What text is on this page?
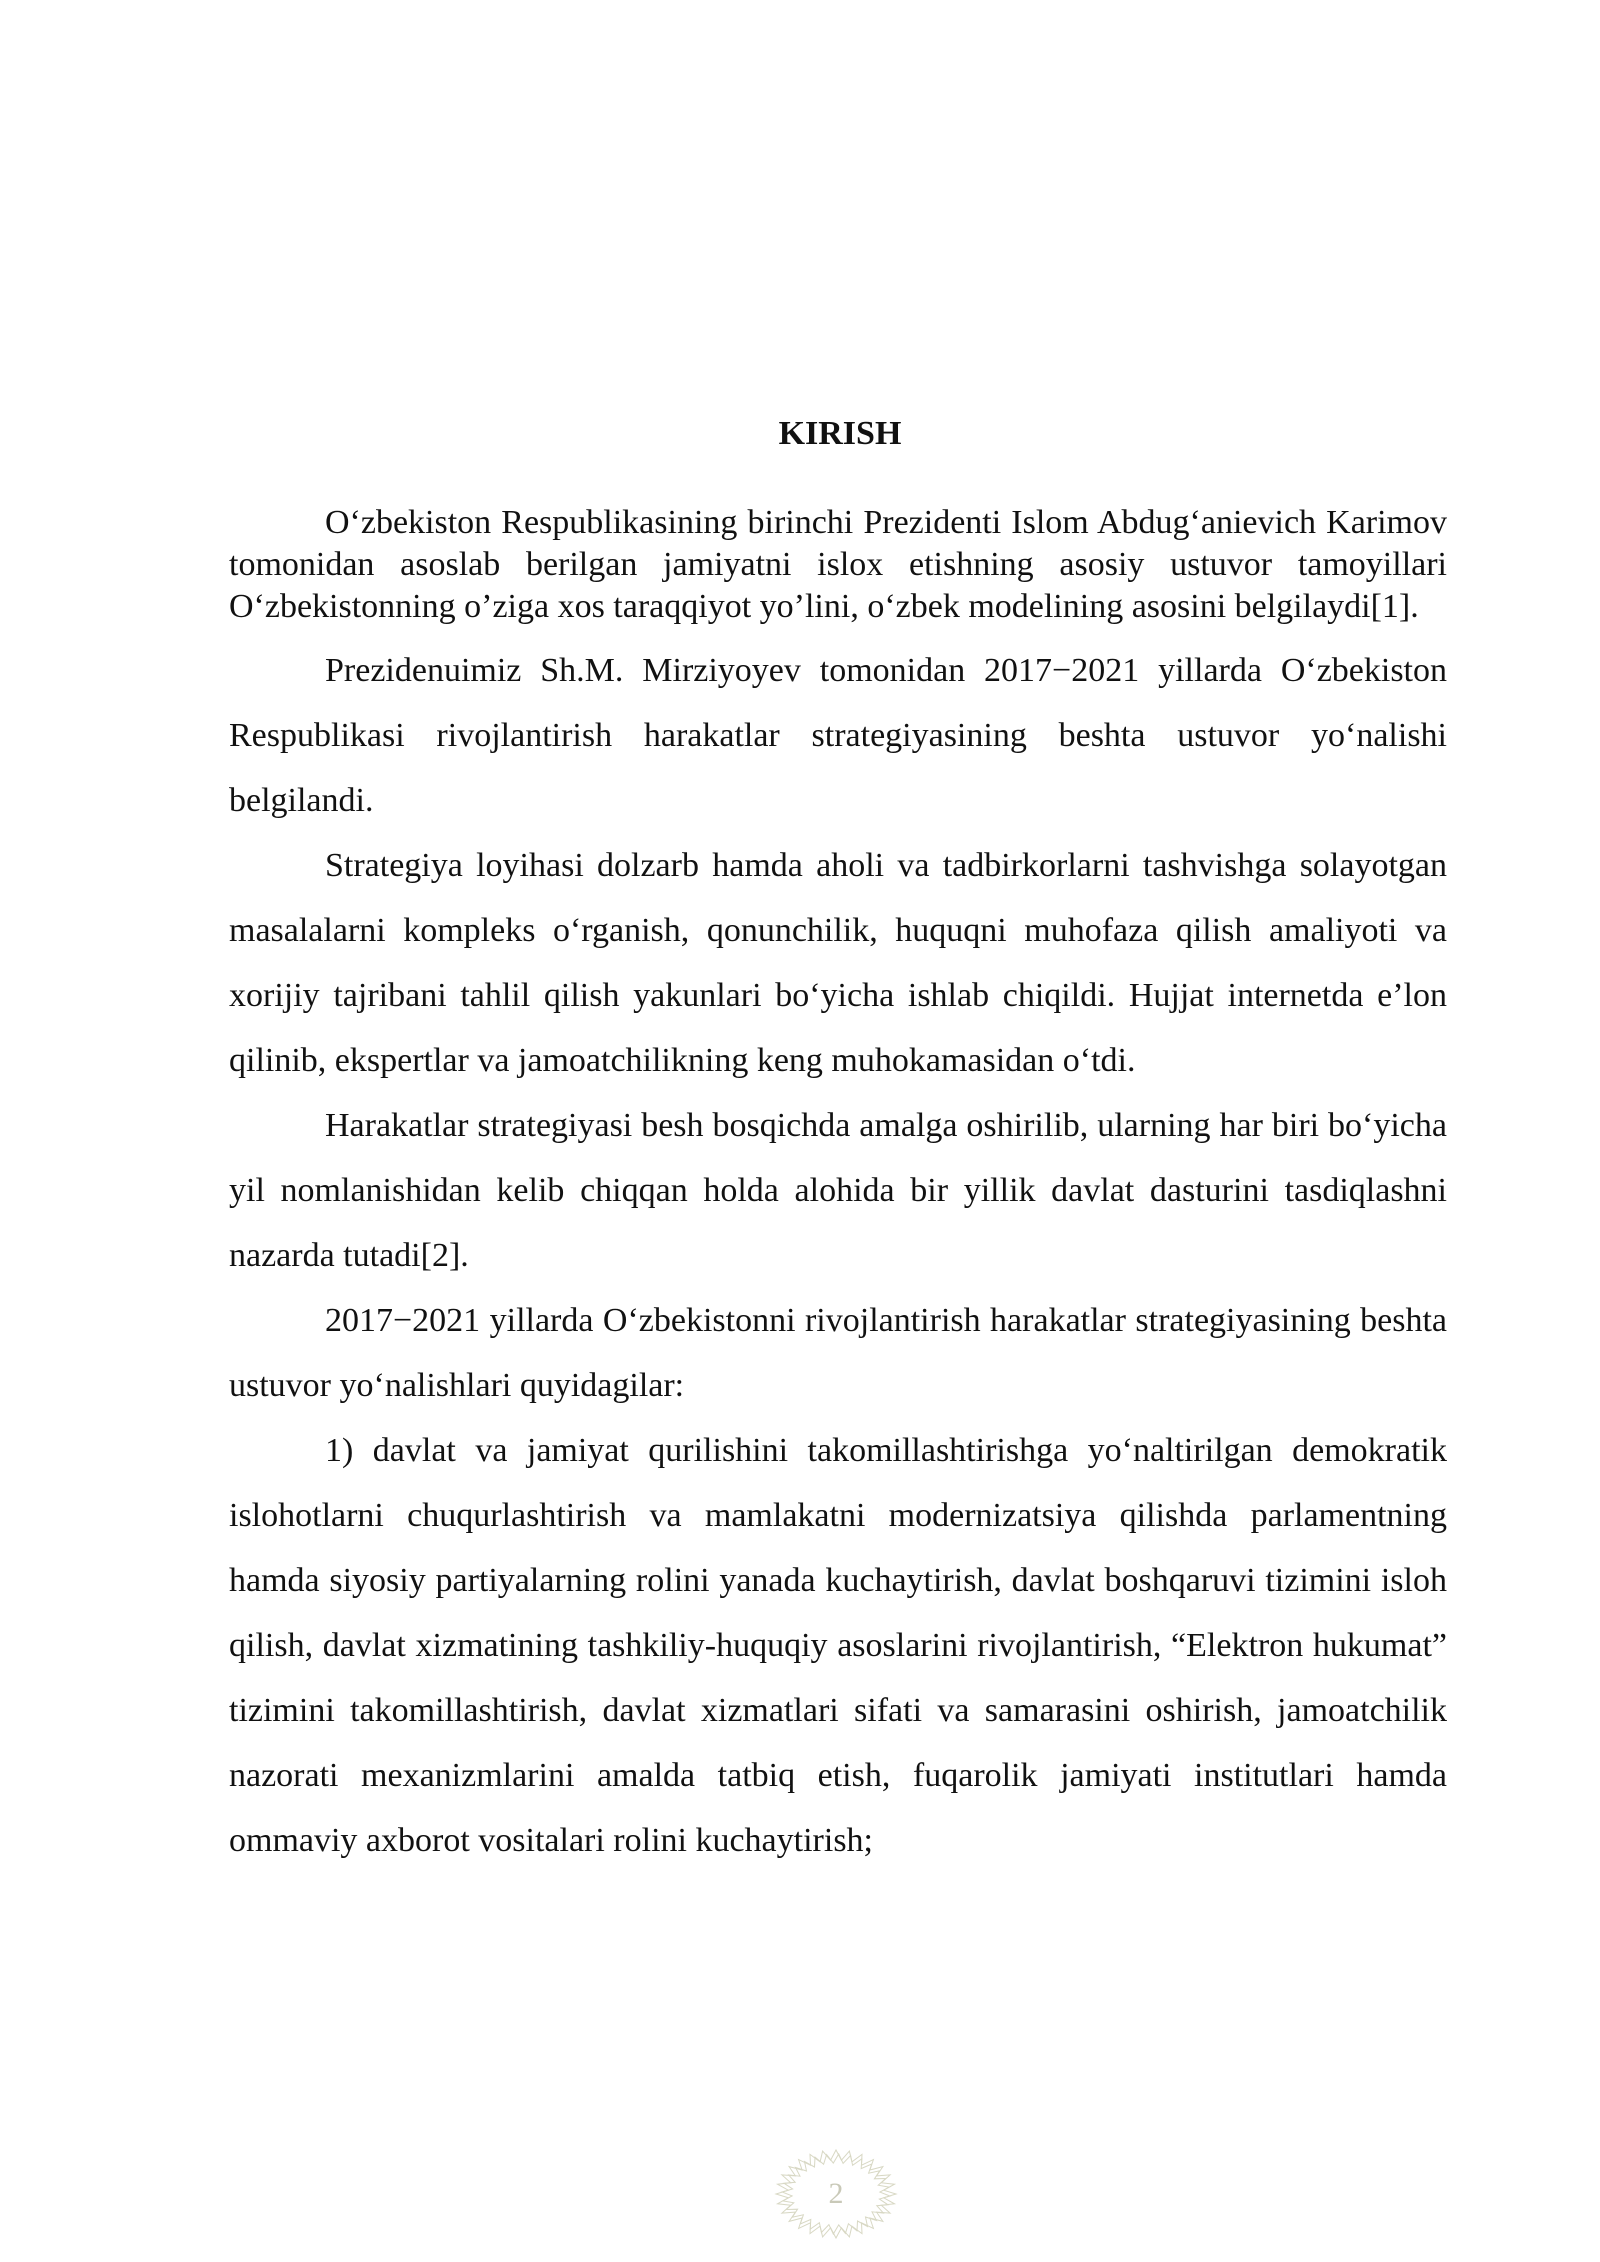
KIRISH

O‘zbekiston Respublikasining birinchi Prezidenti Islom Abdug‘anievich Karimov tomonidan asoslab berilgan jamiyatni islox etishning asosiy ustuvor tamoyillari O‘zbekistonning o’ziga xos taraqqiyot yo’lini, o‘zbek modelining asosini belgilaydi[1].

Prezidenuimiz Sh.M. Mirziyoyev tomonidan 2017−2021 yillarda O‘zbekiston Respublikasi rivojlantirish harakatlar strategiyasining beshta ustuvor yo‘nalishi belgilandi.

Strategiya loyihasi dolzarb hamda aholi va tadbirkorlarni tashvishga solayotgan masalalarni kompleks o‘rganish, qonunchilik, huquqni muhofaza qilish amaliyoti va xorijiy tajribani tahlil qilish yakunlari bo‘yicha ishlab chiqildi. Hujjat internetda e’lon qilinib, ekspertlar va jamoatchilikning keng muhokamasidan o‘tdi.

Harakatlar strategiyasi besh bosqichda amalga oshirilib, ularning har biri bo‘yicha yil nomlanishidan kelib chiqqan holda alohida bir yillik davlat dasturini tasdiqlashni nazarda tutadi[2].

2017−2021 yillarda O‘zbekistonni rivojlantirish harakatlar strategiyasining beshta ustuvor yo‘nalishlari quyidagilar:

1) davlat va jamiyat qurilishini takomillashtirishga yo‘naltirilgan demokratik islohotlarni chuqurlashtirish va mamlakatni modernizatsiya qilishda parlamentning hamda siyosiy partiyalarning rolini yanada kuchaytirish, davlat boshqaruvi tizimini isloh qilish, davlat xizmatining tashkiliy-huquqiy asoslarini rivojlantirish, “Elektron hukumat” tizimini takomillashtirish, davlat xizmatlari sifati va samarasini oshirish, jamoatchilik nazorati mexanizmlarini amalda tatbiq etish, fuqarolik jamiyati institutlari hamda ommaviy axborot vositalari rolini kuchaytirish;

2
